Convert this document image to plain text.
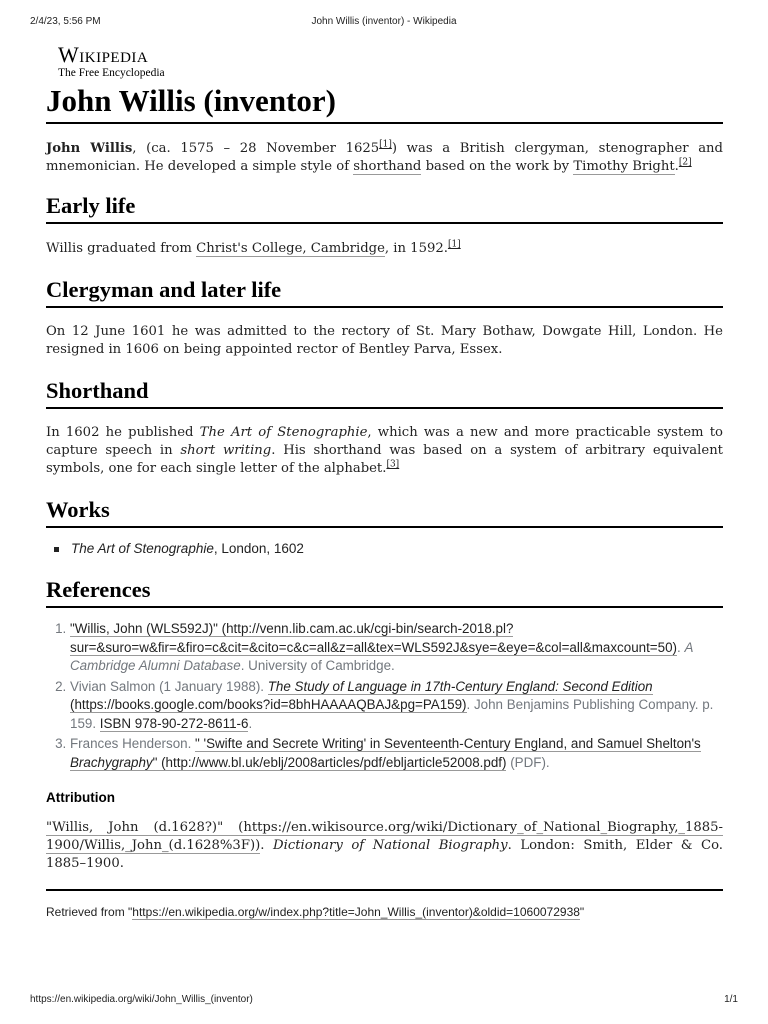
2/4/23, 5:56 PM	John Willis (inventor) - Wikipedia
Wikipedia
The Free Encyclopedia
John Willis (inventor)

John Willis, (ca. 1575 – 28 November 1625[1]) was a British clergyman, stenographer and mnemonician. He developed a simple style of shorthand based on the work by Timothy Bright.[2]

Early life

Willis graduated from Christ's College, Cambridge, in 1592.[1]

Clergyman and later life

On 12 June 1601 he was admitted to the rectory of St. Mary Bothaw, Dowgate Hill, London. He resigned in 1606 on being appointed rector of Bentley Parva, Essex.

Shorthand

In 1602 he published The Art of Stenographie, which was a new and more practicable system to capture speech in short writing. His shorthand was based on a system of arbitrary equivalent symbols, one for each single letter of the alphabet.[3]

Works
The Art of Stenographie, London, 1602
References
1. "Willis, John (WLS592J)" (http://venn.lib.cam.ac.uk/cgi-bin/search-2018.pl?sur=&suro=w&fir=&firo=c&cit=&cito=c&c=all&z=all&tex=WLS592J&sye=&eye=&col=all&maxcount=50). A Cambridge Alumni Database. University of Cambridge.
2. Vivian Salmon (1 January 1988). The Study of Language in 17th-Century England: Second Edition (https://books.google.com/books?id=8bhHAAAAQBAJ&pg=PA159). John Benjamins Publishing Company. p. 159. ISBN 978-90-272-8611-6.
3. Frances Henderson. " 'Swifte and Secrete Writing' in Seventeenth-Century England, and Samuel Shelton's Brachygraphy" (http://www.bl.uk/eblj/2008articles/pdf/ebljarticle52008.pdf) (PDF).
Attribution

"Willis, John (d.1628?)" (https://en.wikisource.org/wiki/Dictionary_of_National_Biography,_1885-1900/Willis,_John_(d.1628%3F)). Dictionary of National Biography. London: Smith, Elder & Co. 1885–1900.

Retrieved from "https://en.wikipedia.org/w/index.php?title=John_Willis_(inventor)&oldid=1060072938"
https://en.wikipedia.org/wiki/John_Willis_(inventor)	1/1
